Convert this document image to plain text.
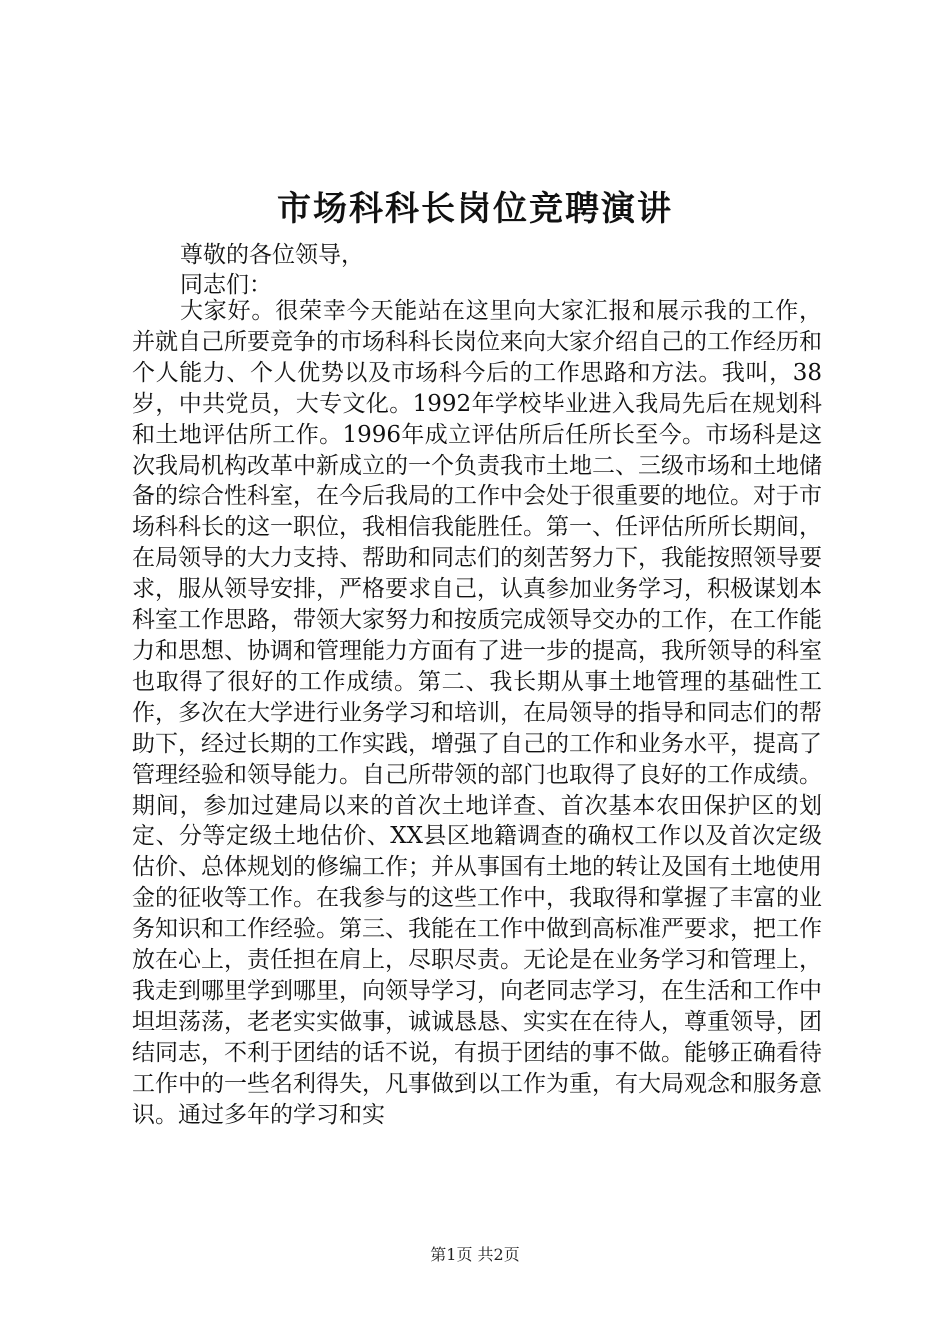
市场科科长岗位竞聘演讲

尊敬的各位领导，

同志们：

大家好。很荣幸今天能站在这里向大家汇报和展示我的工作，并就自己所要竞争的市场科科长岗位来向大家介绍自己的工作经历和个人能力、个人优势以及市场科今后的工作思路和方法。我叫，38岁，中共党员，大专文化。1992年学校毕业进入我局先后在规划科和土地评估所工作。1996年成立评估所后任所长至今。市场科是这次我局机构改革中新成立的一个负责我市土地二、三级市场和土地储备的综合性科室，在今后我局的工作中会处于很重要的地位。对于市场科科长的这一职位，我相信我能胜任。第一、任评估所所长期间，在局领导的大力支持、帮助和同志们的刻苦努力下，我能按照领导要求，服从领导安排，严格要求自己，认真参加业务学习，积极谋划本科室工作思路，带领大家努力和按质完成领导交办的工作，在工作能力和思想、协调和管理能力方面有了进一步的提高，我所领导的科室也取得了很好的工作成绩。第二、我长期从事土地管理的基础性工作，多次在大学进行业务学习和培训，在局领导的指导和同志们的帮助下，经过长期的工作实践，增强了自己的工作和业务水平，提高了管理经验和领导能力。自己所带领的部门也取得了良好的工作成绩。期间，参加过建局以来的首次土地详查、首次基本农田保护区的划定、分等定级土地估价、XX县区地籍调查的确权工作以及首次定级估价、总体规划的修编工作；并从事国有土地的转让及国有土地使用金的征收等工作。在我参与的这些工作中，我取得和掌握了丰富的业务知识和工作经验。第三、我能在工作中做到高标准严要求，把工作放在心上，责任担在肩上，尽职尽责。无论是在业务学习和管理上，我走到哪里学到哪里，向领导学习，向老同志学习，在生活和工作中坦坦荡荡，老老实实做事，诚诚恳恳、实实在在待人，尊重领导，团结同志，不利于团结的话不说，有损于团结的事不做。能够正确看待工作中的一些名利得失，凡事做到以工作为重，有大局观念和服务意识。通过多年的学习和实

第1页 共2页
